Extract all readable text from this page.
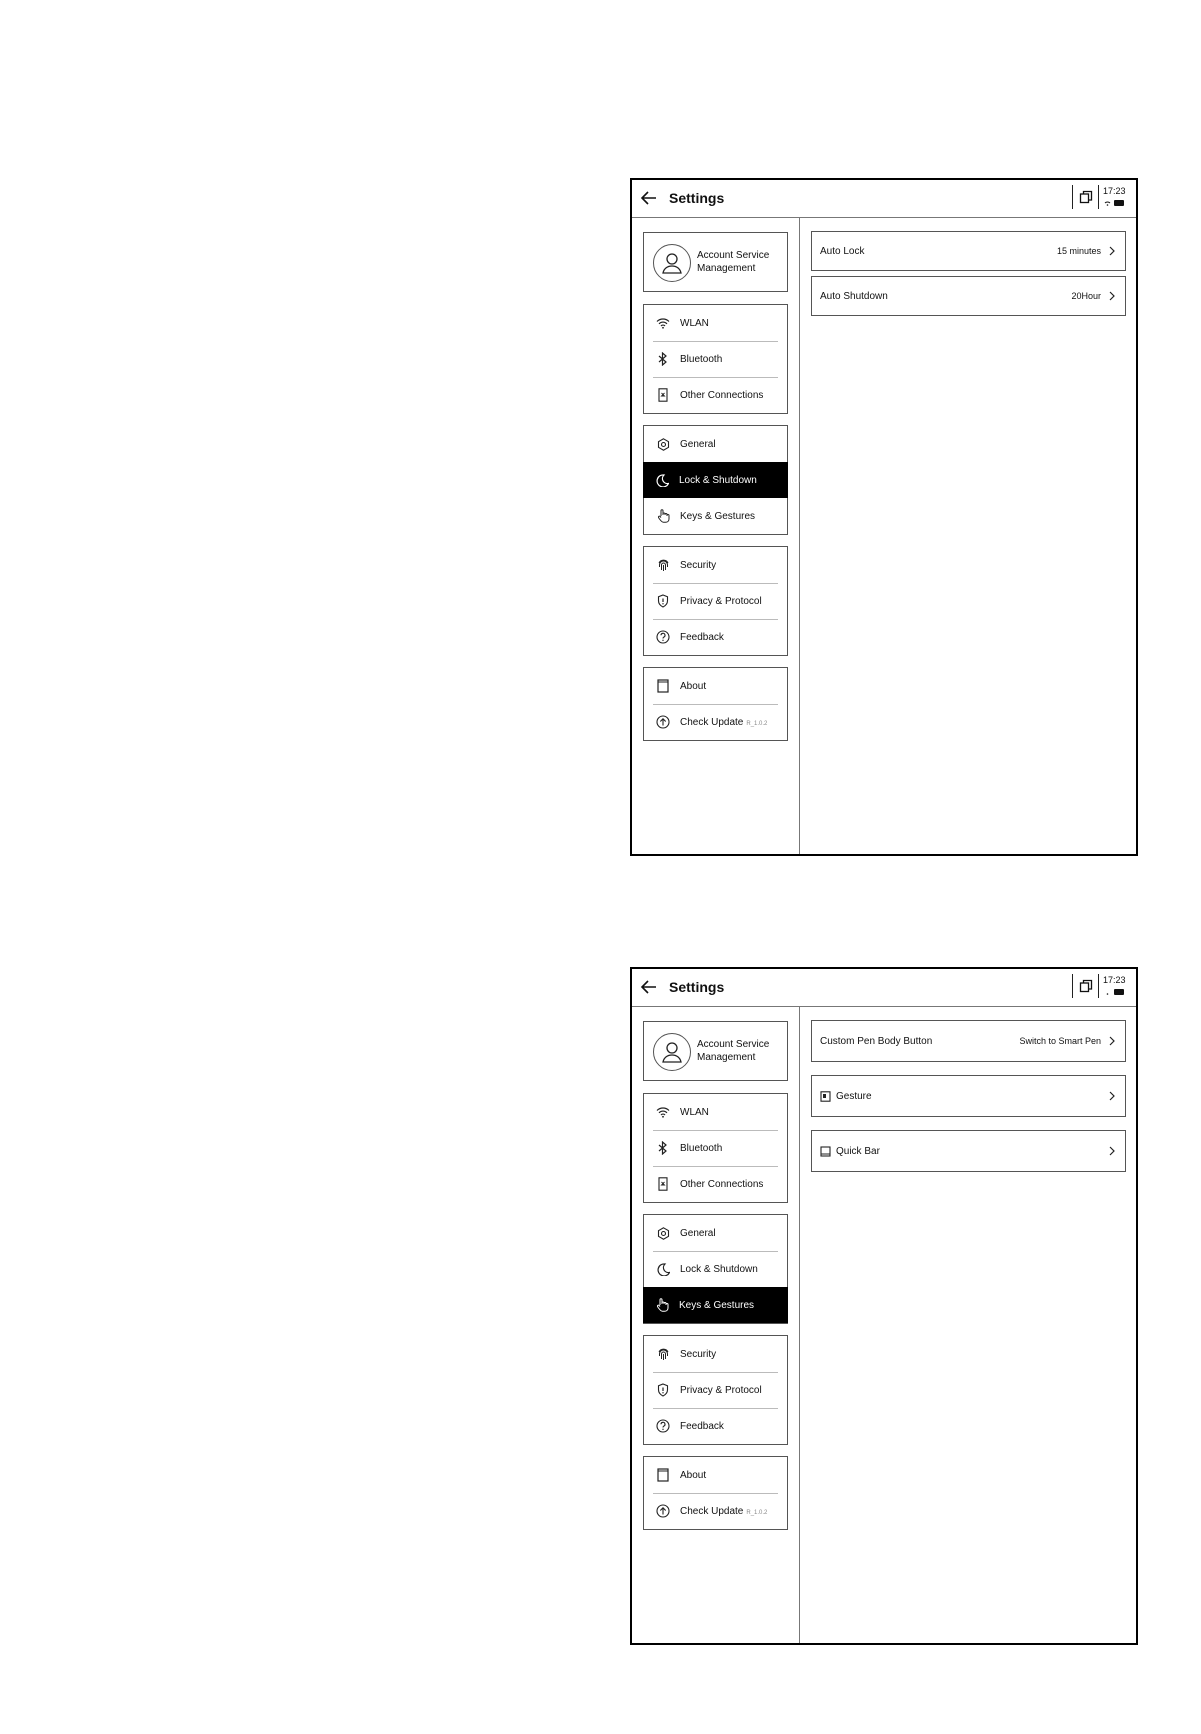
Settings	17:23
Account Service Management
WLAN
Bluetooth
Other Connections
General
Lock & Shutdown
Keys & Gestures
Security
Privacy & Protocol
Feedback
About
Check Update R_1.0.2
Auto Lock	15 minutes
Auto Shutdown	20Hour
Settings	17:23
Account Service Management
WLAN
Bluetooth
Other Connections
General
Lock & Shutdown
Keys & Gestures
Security
Privacy & Protocol
Feedback
About
Check Update R_1.0.2
Custom Pen Body Button	Switch to Smart Pen
Gesture
Quick Bar
